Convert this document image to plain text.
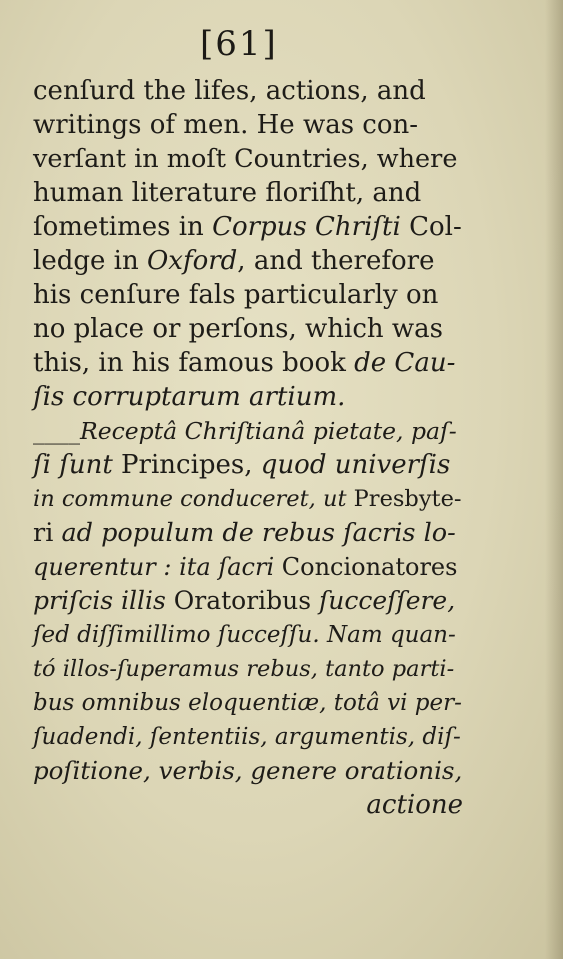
[61]
cenſurd the lifes, actions, and
writings of men. He was con-
verſant in moſt Countries, where
human literature floriſht, and
ſometimes in Corpus Chriſti Col-
ledge in Oxford, and therefore
his cenſure fals particularly on
no place or perſons, which was
this, in his famous book de Cau-
ſis corruptarum artium.
____Receptâ Chriſtianâ pietate, paſ-
ſi ſunt Principes, quod univerſis
in commune conduceret, ut Presbyte-
ri ad populum de rebus ſacris lo-
querentur : ita ſacri Concionatores
priſcis illis Oratoribus ſucceſſere,
ſed diſſimillimo ſucceſſu. Nam quan-
tó illos-ſuperamus rebus, tanto parti-
bus omnibus eloquentiæ, totâ vi per-
ſuadendi, ſententiis, argumentis, diſ-
poſitione, verbis, genere orationis,
actione
